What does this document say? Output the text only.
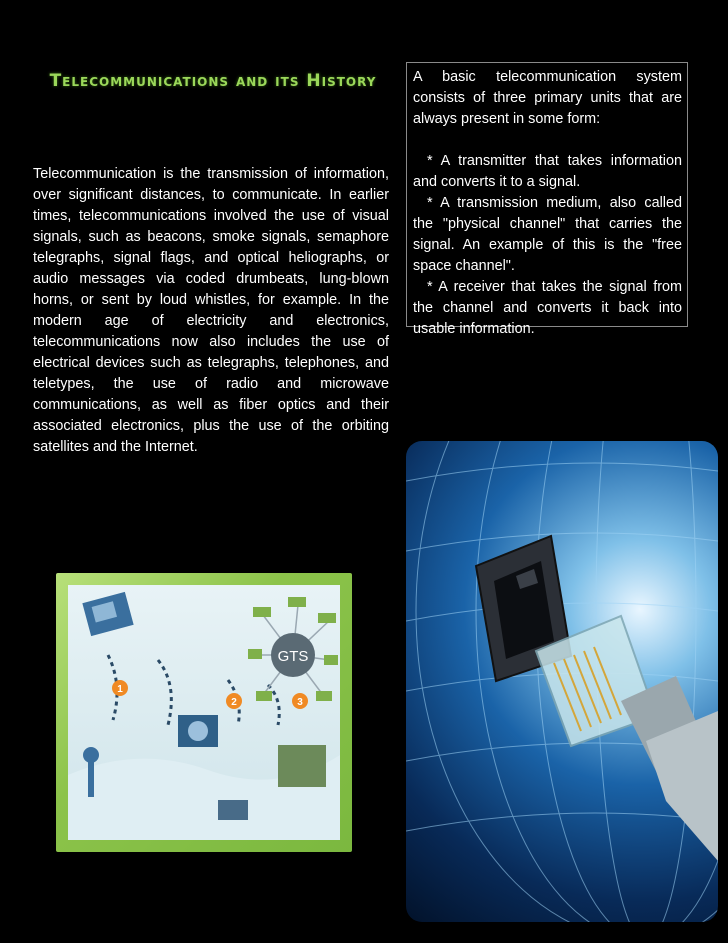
Telecommunications and its History
Telecommunication is the transmission of information, over significant distances, to communicate. In earlier times, telecommunications involved the use of visual signals, such as beacons, smoke signals, semaphore telegraphs, signal flags, and optical heliographs, or audio messages via coded drumbeats, lung-blown horns, or sent by loud whistles, for example. In the modern age of electricity and electronics, telecommunications now also includes the use of electrical devices such as telegraphs, telephones, and teletypes, the use of radio and microwave communications, as well as fiber optics and their associated electronics, plus the use of the orbiting satellites and the Internet.

A basic telecommunication system consists of three primary units that are always present in some form:

* A transmitter that takes information and converts it to a signal.

* A transmission medium, also called the "physical channel" that carries the signal. An example of this is the "free space channel".

* A receiver that takes the signal from the channel and converts it back into usable information.

GTS
1
2	3
